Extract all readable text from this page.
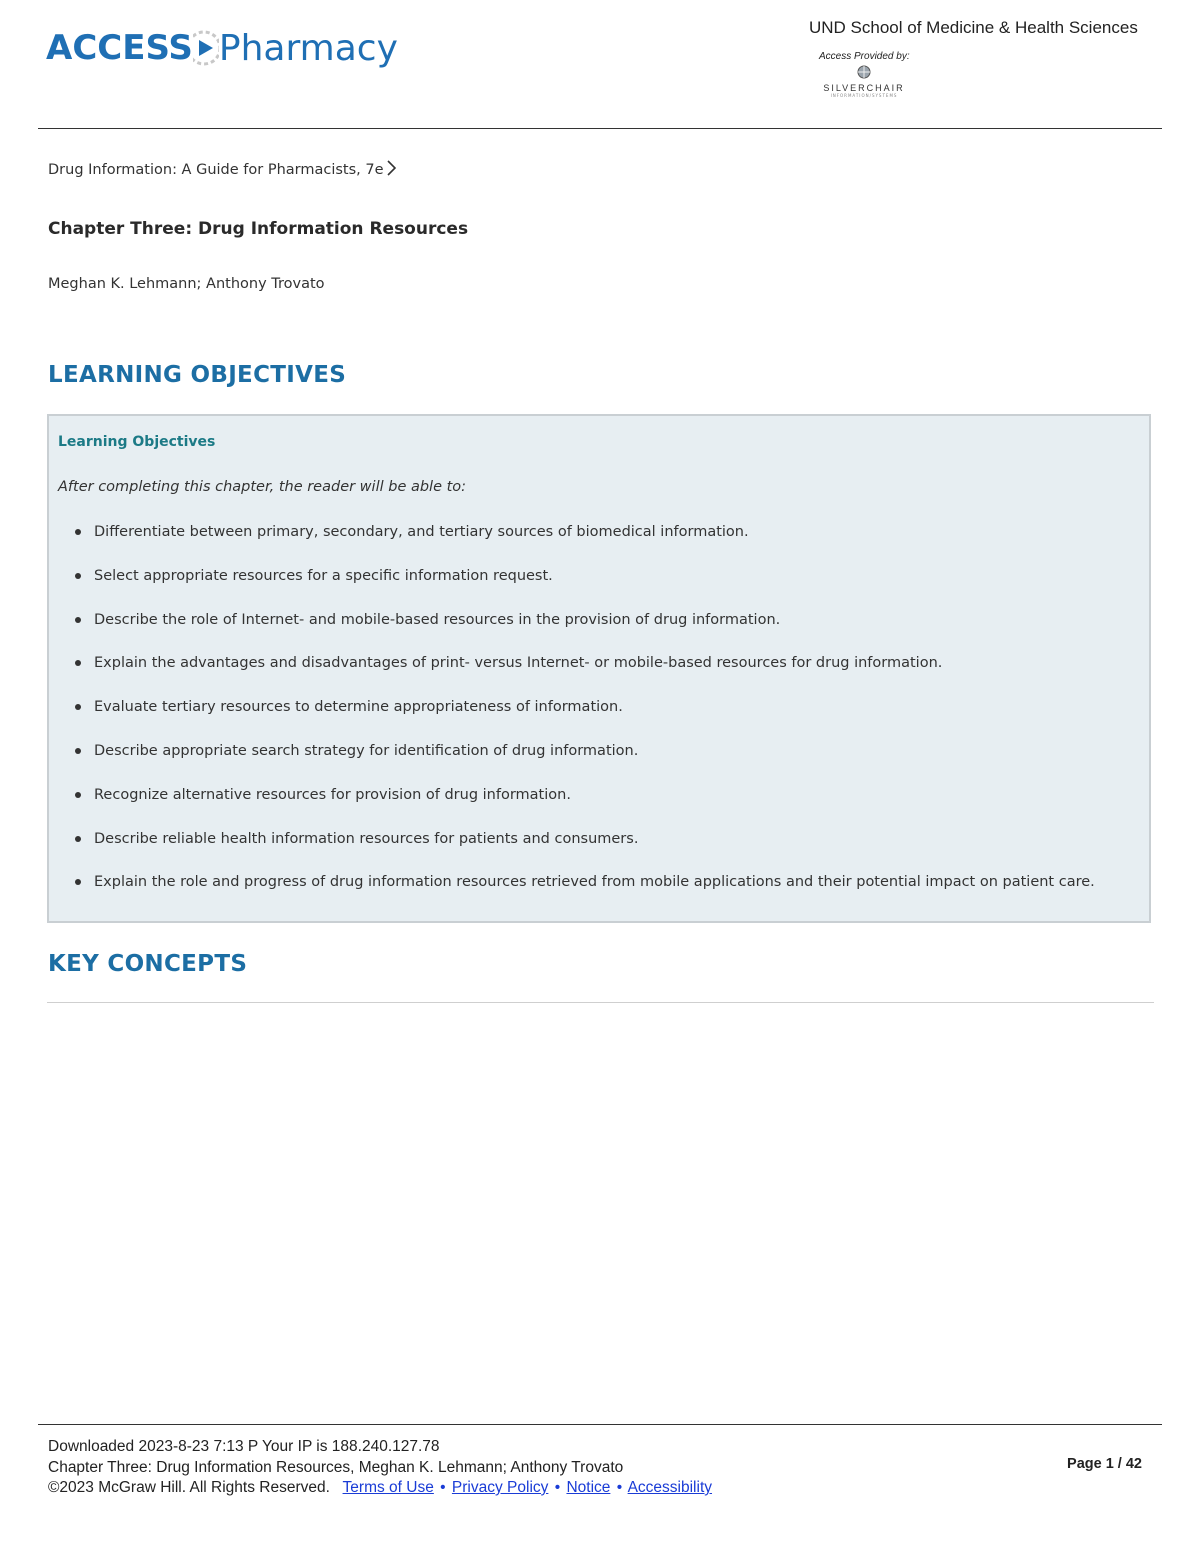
ACCESS Pharmacy	UND School of Medicine & Health Sciences
Access Provided by:
SILVERCHAIR
INFORMATION/SYSTEMS
Drug Information: A Guide for Pharmacists, 7e
Chapter Three: Drug Information Resources
Meghan K. Lehmann; Anthony Trovato
LEARNING OBJECTIVES
Learning Objectives
After completing this chapter, the reader will be able to:
Differentiate between primary, secondary, and tertiary sources of biomedical information.
Select appropriate resources for a specific information request.
Describe the role of Internet- and mobile-based resources in the provision of drug information.
Explain the advantages and disadvantages of print- versus Internet- or mobile-based resources for drug information.
Evaluate tertiary resources to determine appropriateness of information.
Describe appropriate search strategy for identification of drug information.
Recognize alternative resources for provision of drug information.
Describe reliable health information resources for patients and consumers.
Explain the role and progress of drug information resources retrieved from mobile applications and their potential impact on patient care.
KEY CONCEPTS
Downloaded 2023-8-23 7:13 P Your IP is 188.240.127.78
Chapter Three: Drug Information Resources, Meghan K. Lehmann; Anthony Trovato
©2023 McGraw Hill. All Rights Reserved. Terms of Use • Privacy Policy • Notice • Accessibility
Page 1 / 42
